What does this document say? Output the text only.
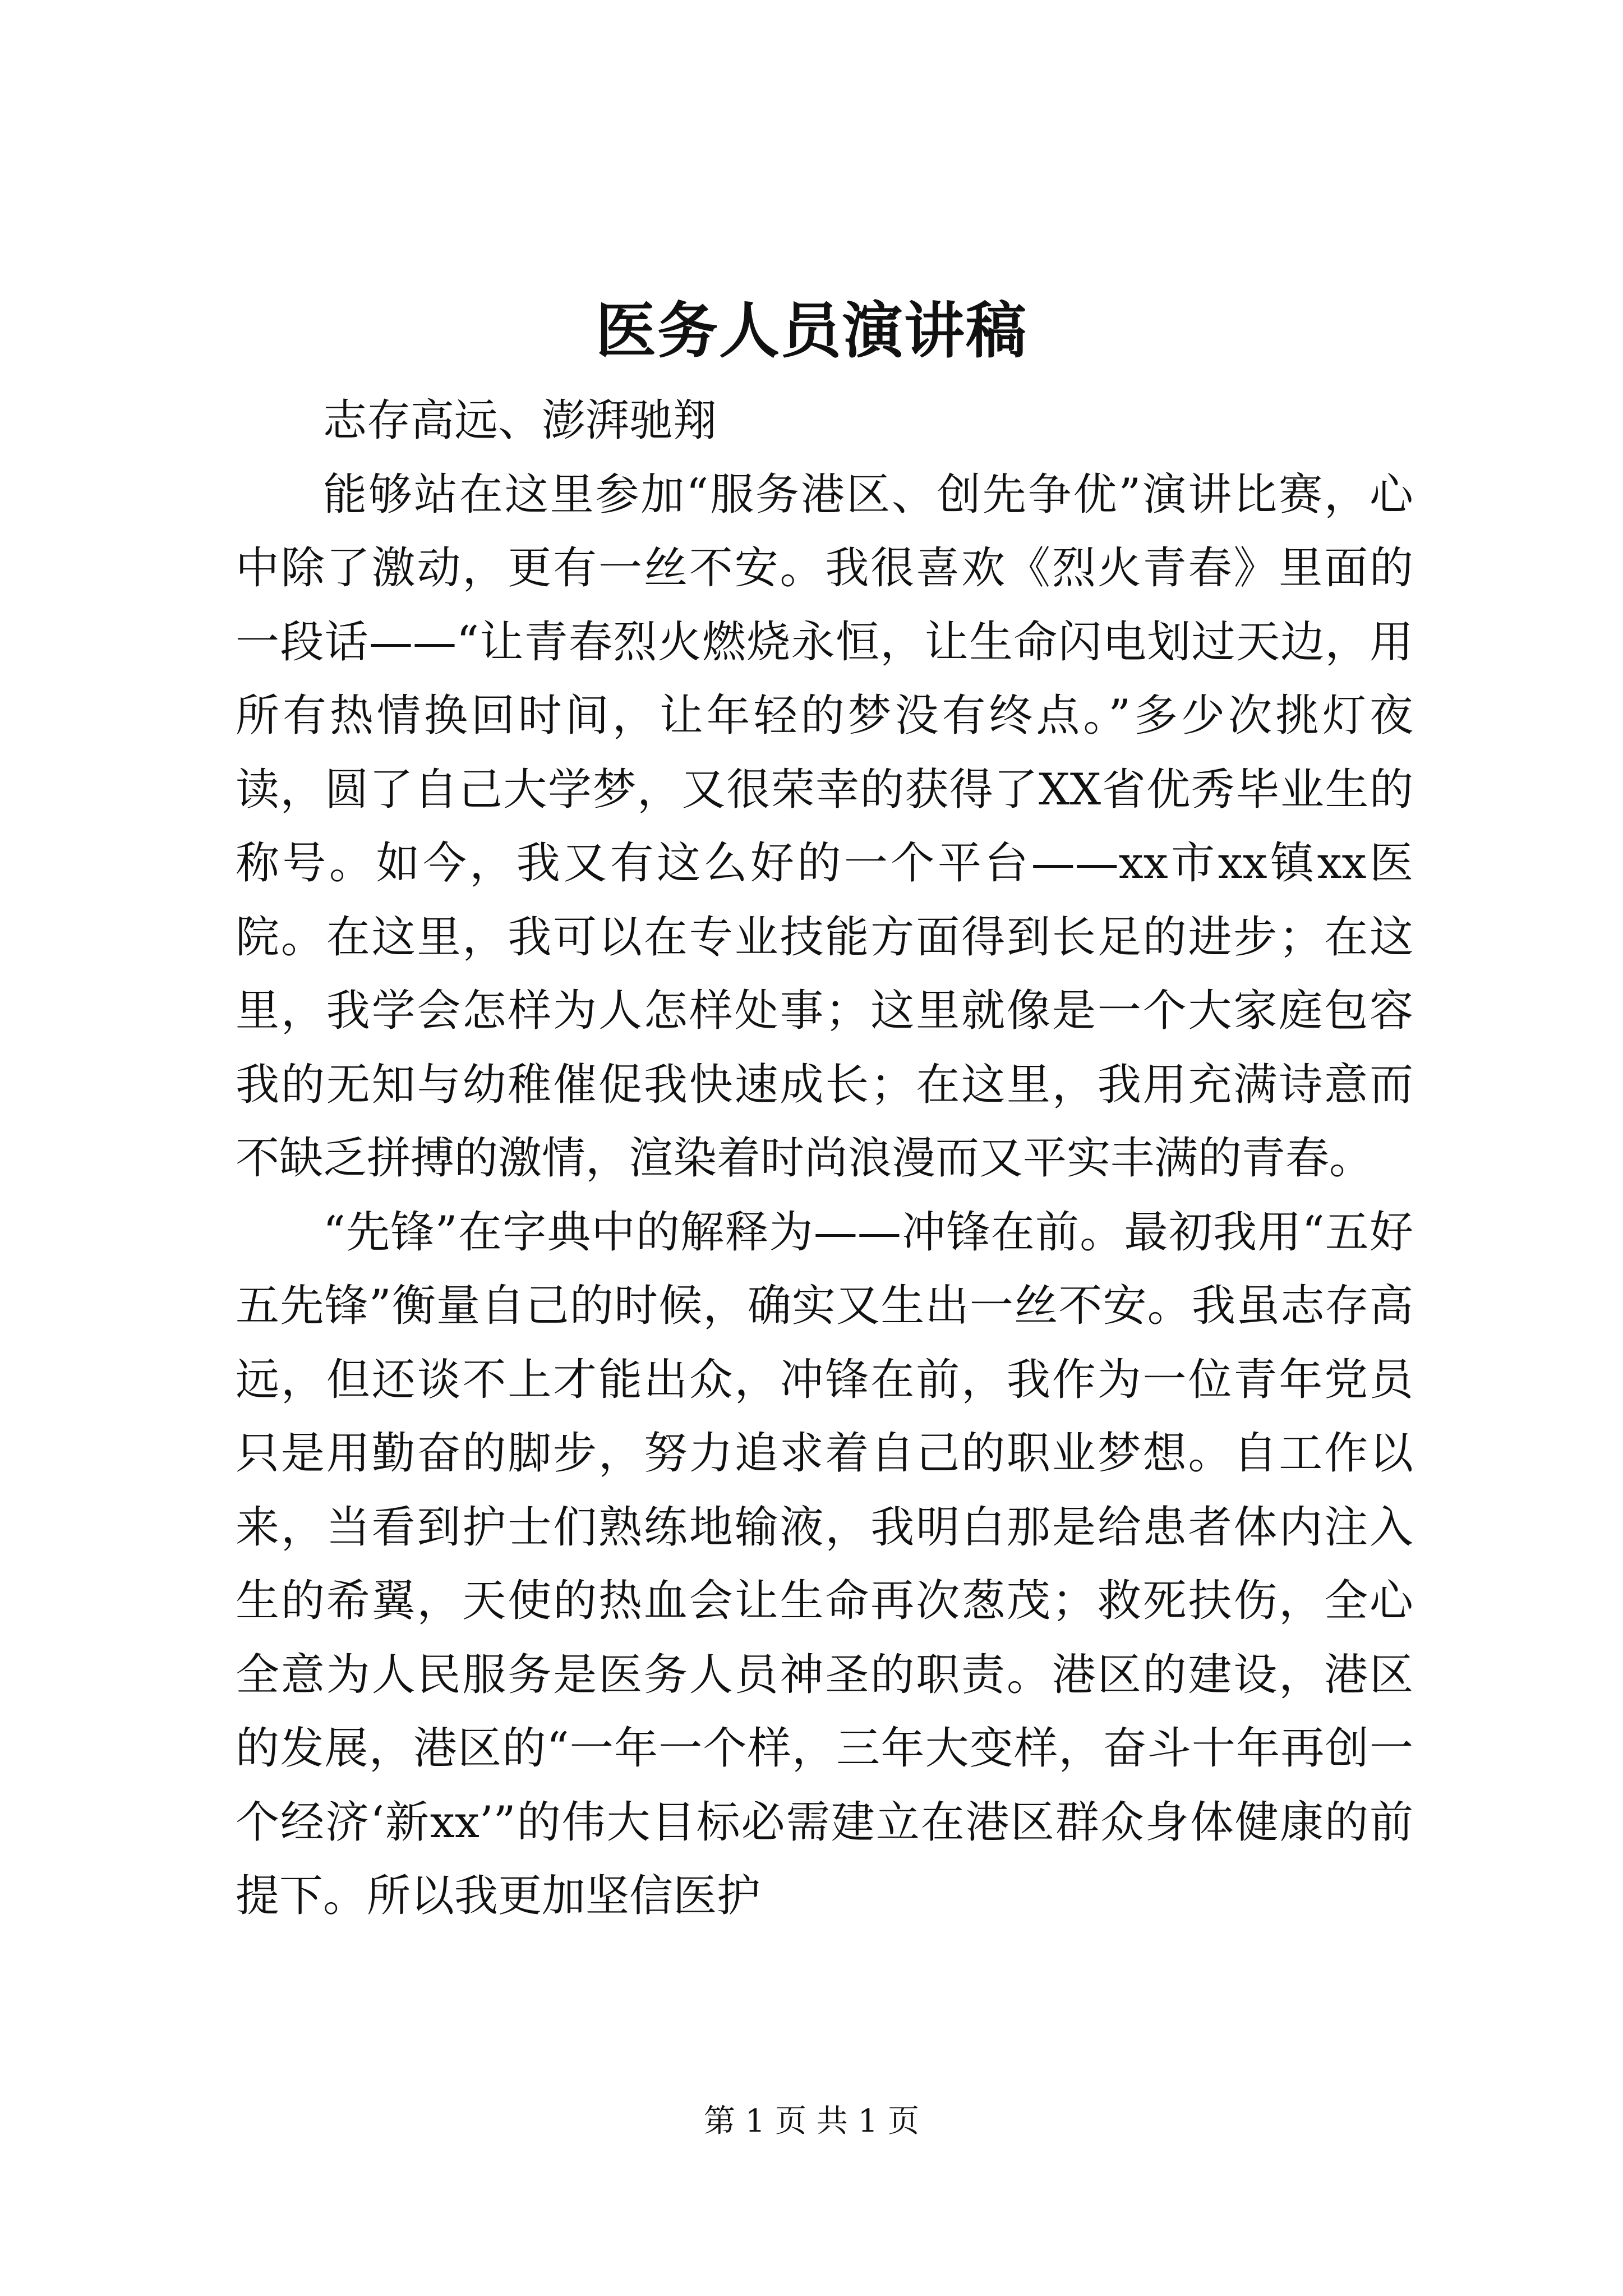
医务人员演讲稿

志存高远、澎湃驰翔

能够站在这里参加“服务港区、创先争优”演讲比赛，心中除了激动，更有一丝不安。我很喜欢《烈火青春》里面的一段话——“让青春烈火燃烧永恒，让生命闪电划过天边，用所有热情换回时间，让年轻的梦没有终点。”多少次挑灯夜读，圆了自己大学梦，又很荣幸的获得了XX省优秀毕业生的称号。如今，我又有这么好的一个平台——xx市xx镇xx医院。在这里，我可以在专业技能方面得到长足的进步；在这里，我学会怎样为人怎样处事；这里就像是一个大家庭包容我的无知与幼稚催促我快速成长；在这里，我用充满诗意而不缺乏拼搏的激情，渲染着时尚浪漫而又平实丰满的青春。

“先锋”在字典中的解释为——冲锋在前。最初我用“五好五先锋”衡量自己的时候，确实又生出一丝不安。我虽志存高远，但还谈不上才能出众，冲锋在前，我作为一位青年党员只是用勤奋的脚步，努力追求着自己的职业梦想。自工作以来，当看到护士们熟练地输液，我明白那是给患者体内注入生的希翼，天使的热血会让生命再次葱茂；救死扶伤，全心全意为人民服务是医务人员神圣的职责。港区的建设，港区的发展，港区的“一年一个样，三年大变样，奋斗十年再创一个经济‘新xx’”的伟大目标必需建立在港区群众身体健康的前提下。所以我更加坚信医护

第 1 页 共 1 页
